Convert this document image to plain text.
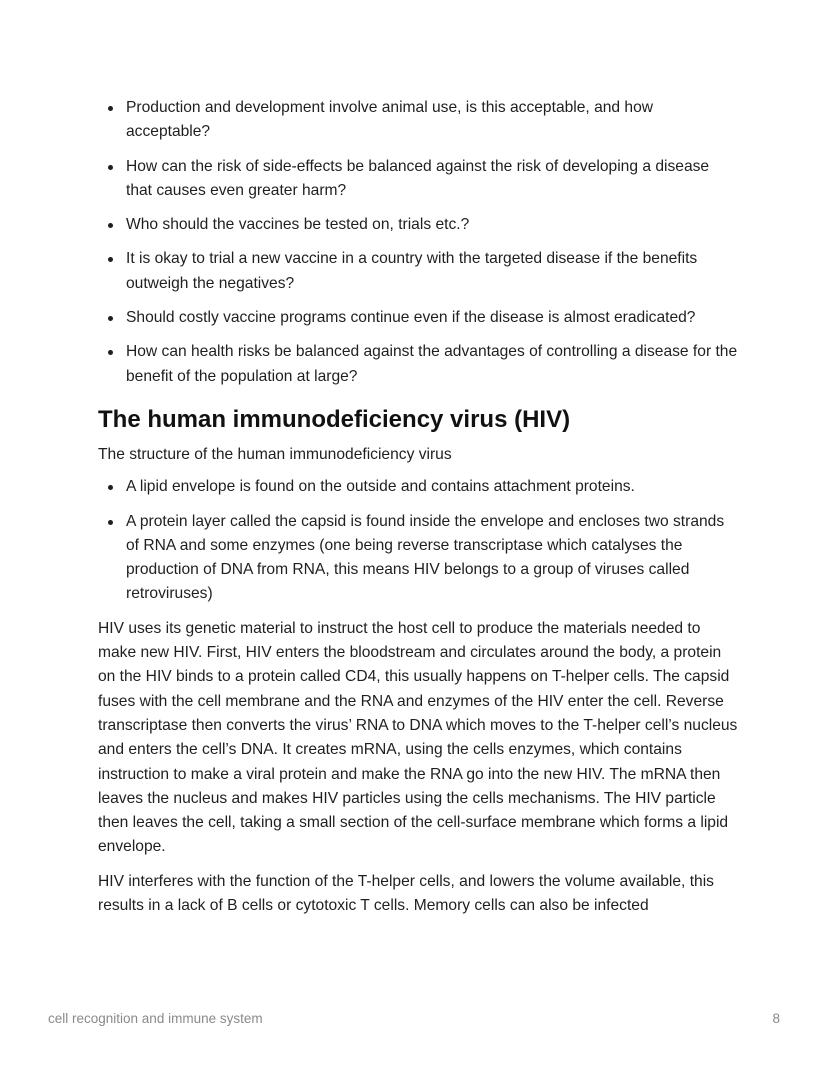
Production and development involve animal use, is this acceptable, and how acceptable?
How can the risk of side-effects be balanced against the risk of developing a disease that causes even greater harm?
Who should the vaccines be tested on, trials etc.?
It is okay to trial a new vaccine in a country with the targeted disease if the benefits outweigh the negatives?
Should costly vaccine programs continue even if the disease is almost eradicated?
How can health risks be balanced against the advantages of controlling a disease for the benefit of the population at large?
The human immunodeficiency virus (HIV)

The structure of the human immunodeficiency virus

A lipid envelope is found on the outside and contains attachment proteins.
A protein layer called the capsid is found inside the envelope and encloses two strands of RNA and some enzymes (one being reverse transcriptase which catalyses the production of DNA from RNA, this means HIV belongs to a group of viruses called retroviruses)

HIV uses its genetic material to instruct the host cell to produce the materials needed to make new HIV. First, HIV enters the bloodstream and circulates around the body, a protein on the HIV binds to a protein called CD4, this usually happens on T-helper cells. The capsid fuses with the cell membrane and the RNA and enzymes of the HIV enter the cell. Reverse transcriptase then converts the virus’ RNA to DNA which moves to the T-helper cell’s nucleus and enters the cell’s DNA. It creates mRNA, using the cells enzymes, which contains instruction to make a viral protein and make the RNA go into the new HIV. The mRNA then leaves the nucleus and makes HIV particles using the cells mechanisms. The HIV particle then leaves the cell, taking a small section of the cell-surface membrane which forms a lipid envelope.

HIV interferes with the function of the T-helper cells, and lowers the volume available, this results in a lack of B cells or cytotoxic T cells. Memory cells can also be infected

cell recognition and immune system	8
